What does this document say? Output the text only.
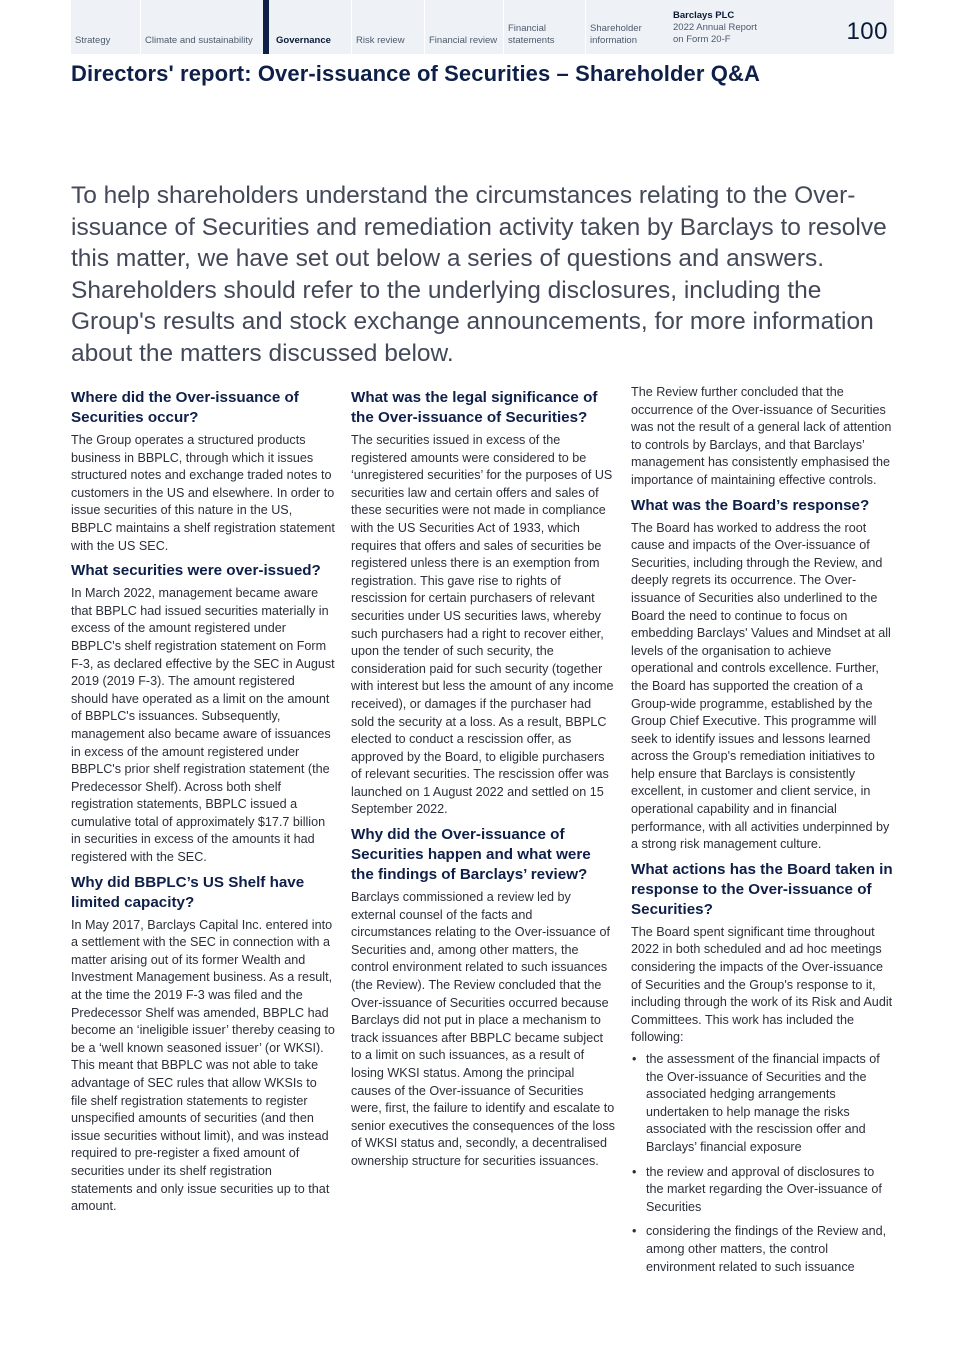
Strategy	Climate and sustainability	Governance	Risk review	Financial review
Financial statements
Shareholder information
Barclays PLC
2022 Annual Report on Form 20-F	100
Directors' report: Over-issuance of Securities – Shareholder Q&A

To help shareholders understand the circumstances relating to the Over-issuance of Securities and remediation activity taken by Barclays to resolve this matter, we have set out below a series of questions and answers. Shareholders should refer to the underlying disclosures, including the Group's results and stock exchange announcements, for more information about the matters discussed below.

Where did the Over-issuance of Securities occur?

The Group operates a structured products business in BBPLC, through which it issues structured notes and exchange traded notes to customers in the US and elsewhere. In order to issue securities of this nature in the US, BBPLC maintains a shelf registration statement with the US SEC.

What securities were over-issued?

In March 2022, management became aware that BBPLC had issued securities materially in excess of the amount registered under BBPLC's shelf registration statement on Form F-3, as declared effective by the SEC in August 2019 (2019 F-3). The amount registered should have operated as a limit on the amount of BBPLC's issuances. Subsequently, management also became aware of issuances in excess of the amount registered under BBPLC's prior shelf registration statement (the Predecessor Shelf). Across both shelf registration statements, BBPLC issued a cumulative total of approximately $17.7 billion in securities in excess of the amounts it had registered with the SEC.

Why did BBPLC’s US Shelf have limited capacity?

In May 2017, Barclays Capital Inc. entered into a settlement with the SEC in connection with a matter arising out of its former Wealth and Investment Management business. As a result, at the time the 2019 F-3 was filed and the Predecessor Shelf was amended, BBPLC had become an ‘ineligible issuer’ thereby ceasing to be a ‘well known seasoned issuer’ (or WKSI). This meant that BBPLC was not able to take advantage of SEC rules that allow WKSIs to file shelf registration statements to register unspecified amounts of securities (and then issue securities without limit), and was instead required to pre-register a fixed amount of securities under its shelf registration statements and only issue securities up to that amount.

What was the legal significance of the Over-issuance of Securities?

The securities issued in excess of the registered amounts were considered to be ‘unregistered securities’ for the purposes of US securities law and certain offers and sales of these securities were not made in compliance with the US Securities Act of 1933, which requires that offers and sales of securities be registered unless there is an exemption from registration. This gave rise to rights of rescission for certain purchasers of relevant securities under US securities laws, whereby such purchasers had a right to recover either, upon the tender of such security, the consideration paid for such security (together with interest but less the amount of any income received), or damages if the purchaser had sold the security at a loss. As a result, BBPLC elected to conduct a rescission offer, as approved by the Board, to eligible purchasers of relevant securities. The rescission offer was launched on 1 August 2022 and settled on 15 September 2022.

Why did the Over-issuance of Securities happen and what were the findings of Barclays’ review?

Barclays commissioned a review led by external counsel of the facts and circumstances relating to the Over-issuance of Securities and, among other matters, the control environment related to such issuances (the Review). The Review concluded that the Over-issuance of Securities occurred because Barclays did not put in place a mechanism to track issuances after BBPLC became subject to a limit on such issuances, as a result of losing WKSI status. Among the principal causes of the Over-issuance of Securities were, first, the failure to identify and escalate to senior executives the consequences of the loss of WKSI status and, secondly, a decentralised ownership structure for securities issuances.

The Review further concluded that the occurrence of the Over-issuance of Securities was not the result of a general lack of attention to controls by Barclays, and that Barclays’ management has consistently emphasised the importance of maintaining effective controls.

What was the Board’s response?

The Board has worked to address the root cause and impacts of the Over-issuance of Securities, including through the Review, and deeply regrets its occurrence. The Over-issuance of Securities also underlined to the Board the need to continue to focus on embedding Barclays' Values and Mindset at all levels of the organisation to achieve operational and controls excellence. Further, the Board has supported the creation of a Group-wide programme, established by the Group Chief Executive. This programme will seek to identify issues and lessons learned across the Group's remediation initiatives to help ensure that Barclays is consistently excellent, in customer and client service, in operational capability and in financial performance, with all activities underpinned by a strong risk management culture.

What actions has the Board taken in response to the Over-issuance of Securities?

The Board spent significant time throughout 2022 in both scheduled and ad hoc meetings considering the impacts of the Over-issuance of Securities and the Group's response to it, including through the work of its Risk and Audit Committees. This work has included the following:

• the assessment of the financial impacts of the Over-issuance of Securities and the associated hedging arrangements undertaken to help manage the risks associated with the rescission offer and Barclays’ financial exposure
• the review and approval of disclosures to the market regarding the Over-issuance of Securities
• considering the findings of the Review and, among other matters, the control environment related to such issuance
